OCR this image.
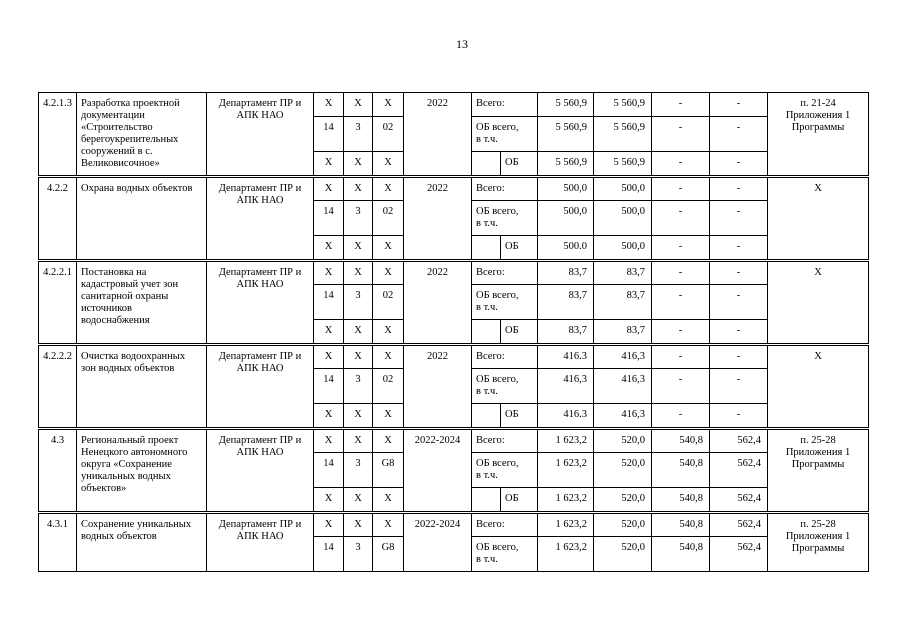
13
4.2.1.3	Разработка проектной документации «Строительство берегоукрепительных сооружений в с. Великовисочное»	Департамент ПР и АПК НАО	Х	Х	Х	2022	Всего:		5 560,9	5 560,9	-	-	п. 21-24 Приложения 1 Программы
			14	3	02		ОБ всего, в т.ч.		5 560,9	5 560,9	-	-	
			Х	Х	Х			ОБ	5 560,9	5 560,9	-	-	
4.2.2	Охрана водных объектов	Департамент ПР и АПК НАО	Х	Х	Х	2022	Всего:		500,0	500,0	-	-	Х
			14	3	02		ОБ всего, в т.ч.		500,0	500,0	-	-	
			Х	Х	Х			ОБ	500.0	500,0	-	-	
4.2.2.1	Постановка на кадастровый учет зон санитарной охраны источников водоснабжения	Департамент ПР и АПК НАО	Х	Х	Х	2022	Всего:		83,7	83,7	-	-	Х
			14	3	02		ОБ всего, в т.ч.		83,7	83,7	-	-	
			Х	Х	Х			ОБ	83,7	83,7	-	-	
4.2.2.2	Очистка водоохранных зон водных объектов	Департамент ПР и АПК НАО	Х	Х	Х	2022	Всего:		416.3	416,3	-	-	Х
			14	3	02		ОБ всего, в т.ч.		416,3	416,3	-	-	
			Х	Х	Х			ОБ	416.3	416,3	-	-	
4.3	Региональный проект Ненецкого автономного округа «Сохранение уникальных водных объектов»	Департамент ПР и АПК НАО	Х	Х	Х	2022-2024	Всего:		1 623,2	520,0	540,8	562,4	п. 25-28 Приложения 1 Программы
			14	3	G8		ОБ всего, в т.ч.		1 623,2	520,0	540,8	562,4	
			Х	Х	Х			ОБ	1 623,2	520,0	540,8	562,4	
4.3.1	Сохранение уникальных водных объектов	Департамент ПР и АПК НАО	Х	Х	Х	2022-2024	Всего:		1 623,2	520,0	540,8	562,4	п. 25-28 Приложения 1 Программы
			14	3	G8		ОБ всего, в т.ч.		1 623,2	520,0	540,8	562,4	
